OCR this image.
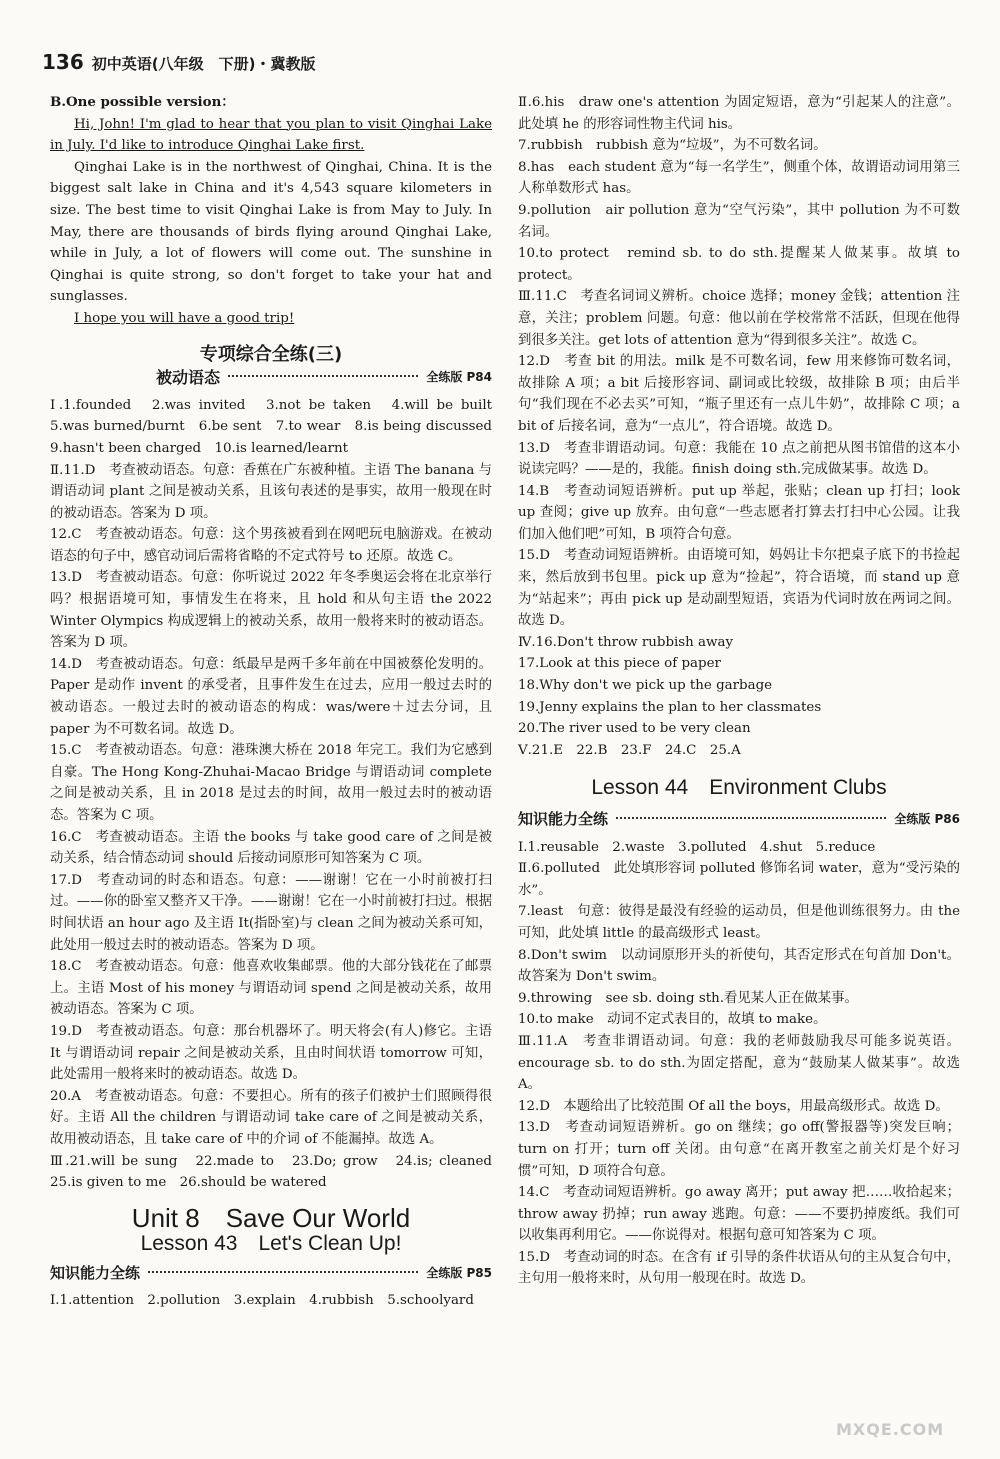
136 初中英语(八年级　下册)・冀教版

B.One possible version：

Hi, John! I'm glad to hear that you plan to visit Qinghai Lake in July. I'd like to introduce Qinghai Lake first.

Qinghai Lake is in the northwest of Qinghai, China. It is the biggest salt lake in China and it's 4,543 square kilometers in size. The best time to visit Qinghai Lake is from May to July. In May, there are thousands of birds flying around Qinghai Lake, while in July, a lot of flowers will come out. The sunshine in Qinghai is quite strong, so don't forget to take your hat and sunglasses.

I hope you will have a good trip!

专项综合全练(三)
被动语态	全练版 P84

Ⅰ.1.founded　2.was invited　3.not be taken　4.will be built　5.was burned/burnt　6.be sent　7.to wear　8.is being discussed　9.hasn't been charged　10.is learned/learnt

Ⅱ.11.D　考查被动语态。句意：香蕉在广东被种植。主语 The banana 与谓语动词 plant 之间是被动关系，且该句表述的是事实，故用一般现在时的被动语态。答案为 D 项。

12.C　考查被动语态。句意：这个男孩被看到在网吧玩电脑游戏。在被动语态的句子中，感官动词后需将省略的不定式符号 to 还原。故选 C。

13.D　考查被动语态。句意：你听说过 2022 年冬季奥运会将在北京举行吗？根据语境可知，事情发生在将来，且 hold 和从句主语 the 2022 Winter Olympics 构成逻辑上的被动关系，故用一般将来时的被动语态。答案为 D 项。

14.D　考查被动语态。句意：纸最早是两千多年前在中国被蔡伦发明的。Paper 是动作 invent 的承受者，且事件发生在过去，应用一般过去时的被动语态。一般过去时的被动语态的构成：was/were＋过去分词，且 paper 为不可数名词。故选 D。

15.C　考查被动语态。句意：港珠澳大桥在 2018 年完工。我们为它感到自豪。The Hong Kong-Zhuhai-Macao Bridge 与谓语动词 complete 之间是被动关系，且 in 2018 是过去的时间，故用一般过去时的被动语态。答案为 C 项。

16.C　考查被动语态。主语 the books 与 take good care of 之间是被动关系，结合情态动词 should 后接动词原形可知答案为 C 项。

17.D　考查动词的时态和语态。句意：——谢谢！它在一小时前被打扫过。——你的卧室又整齐又干净。——谢谢！它在一小时前被打扫过。根据时间状语 an hour ago 及主语 It(指卧室)与 clean 之间为被动关系可知，此处用一般过去时的被动语态。答案为 D 项。

18.C　考查被动语态。句意：他喜欢收集邮票。他的大部分钱花在了邮票上。主语 Most of his money 与谓语动词 spend 之间是被动关系，故用被动语态。答案为 C 项。

19.D　考查被动语态。句意：那台机器坏了。明天将会(有人)修它。主语 It 与谓语动词 repair 之间是被动关系，且由时间状语 tomorrow 可知，此处需用一般将来时的被动语态。故选 D。

20.A　考查被动语态。句意：不要担心。所有的孩子们被护士们照顾得很好。主语 All the children 与谓语动词 take care of 之间是被动关系，故用被动语态，且 take care of 中的介词 of 不能漏掉。故选 A。

Ⅲ.21.will be sung　22.made to　23.Do; grow　24.is; cleaned　25.is given to me　26.should be watered

Unit 8　Save Our World
Lesson 43　Let's Clean Up!
知识能力全练	全练版 P85

Ⅰ.1.attention　2.pollution　3.explain　4.rubbish　5.schoolyard

Ⅱ.6.his　draw one's attention 为固定短语，意为“引起某人的注意”。此处填 he 的形容词性物主代词 his。

7.rubbish　rubbish 意为“垃圾”，为不可数名词。

8.has　each student 意为“每一名学生”，侧重个体，故谓语动词用第三人称单数形式 has。

9.pollution　air pollution 意为“空气污染”，其中 pollution 为不可数名词。

10.to protect　remind sb. to do sth.提醒某人做某事。故填 to protect。

Ⅲ.11.C　考查名词词义辨析。choice 选择；money 金钱；attention 注意，关注；problem 问题。句意：他以前在学校常常不活跃，但现在他得到很多关注。get lots of attention 意为“得到很多关注”。故选 C。

12.D　考查 bit 的用法。milk 是不可数名词，few 用来修饰可数名词，故排除 A 项；a bit 后接形容词、副词或比较级，故排除 B 项；由后半句“我们现在不必去买”可知，“瓶子里还有一点儿牛奶”，故排除 C 项；a bit of 后接名词，意为“一点儿”，符合语境。故选 D。

13.D　考查非谓语动词。句意：我能在 10 点之前把从图书馆借的这本小说读完吗？——是的，我能。finish doing sth.完成做某事。故选 D。

14.B　考查动词短语辨析。put up 举起，张贴；clean up 打扫；look up 查阅；give up 放弃。由句意“一些志愿者打算去打扫中心公园。让我们加入他们吧”可知，B 项符合句意。

15.D　考查动词短语辨析。由语境可知，妈妈让卡尔把桌子底下的书捡起来，然后放到书包里。pick up 意为“捡起”，符合语境，而 stand up 意为“站起来”；再由 pick up 是动副型短语，宾语为代词时放在两词之间。故选 D。

Ⅳ.16.Don't throw rubbish away

17.Look at this piece of paper

18.Why don't we pick up the garbage

19.Jenny explains the plan to her classmates

20.The river used to be very clean

Ⅴ.21.E　22.B　23.F　24.C　25.A

Lesson 44　Environment Clubs
知识能力全练	全练版 P86

Ⅰ.1.reusable　2.waste　3.polluted　4.shut　5.reduce

Ⅱ.6.polluted　此处填形容词 polluted 修饰名词 water，意为“受污染的水”。

7.least　句意：彼得是最没有经验的运动员，但是他训练很努力。由 the 可知，此处填 little 的最高级形式 least。

8.Don't swim　以动词原形开头的祈使句，其否定形式在句首加 Don't。故答案为 Don't swim。

9.throwing　see sb. doing sth.看见某人正在做某事。

10.to make　动词不定式表目的，故填 to make。

Ⅲ.11.A　考查非谓语动词。句意：我的老师鼓励我尽可能多说英语。encourage sb. to do sth.为固定搭配，意为“鼓励某人做某事”。故选 A。

12.D　本题给出了比较范围 Of all the boys，用最高级形式。故选 D。

13.D　考查动词短语辨析。go on 继续；go off(警报器等)突发巨响；turn on 打开；turn off 关闭。由句意“在离开教室之前关灯是个好习惯”可知，D 项符合句意。

14.C　考查动词短语辨析。go away 离开；put away 把……收拾起来；throw away 扔掉；run away 逃跑。句意：——不要扔掉废纸。我们可以收集再利用它。——你说得对。根据句意可知答案为 C 项。

15.D　考查动词的时态。在含有 if 引导的条件状语从句的主从复合句中，主句用一般将来时，从句用一般现在时。故选 D。

MXQE.COM
